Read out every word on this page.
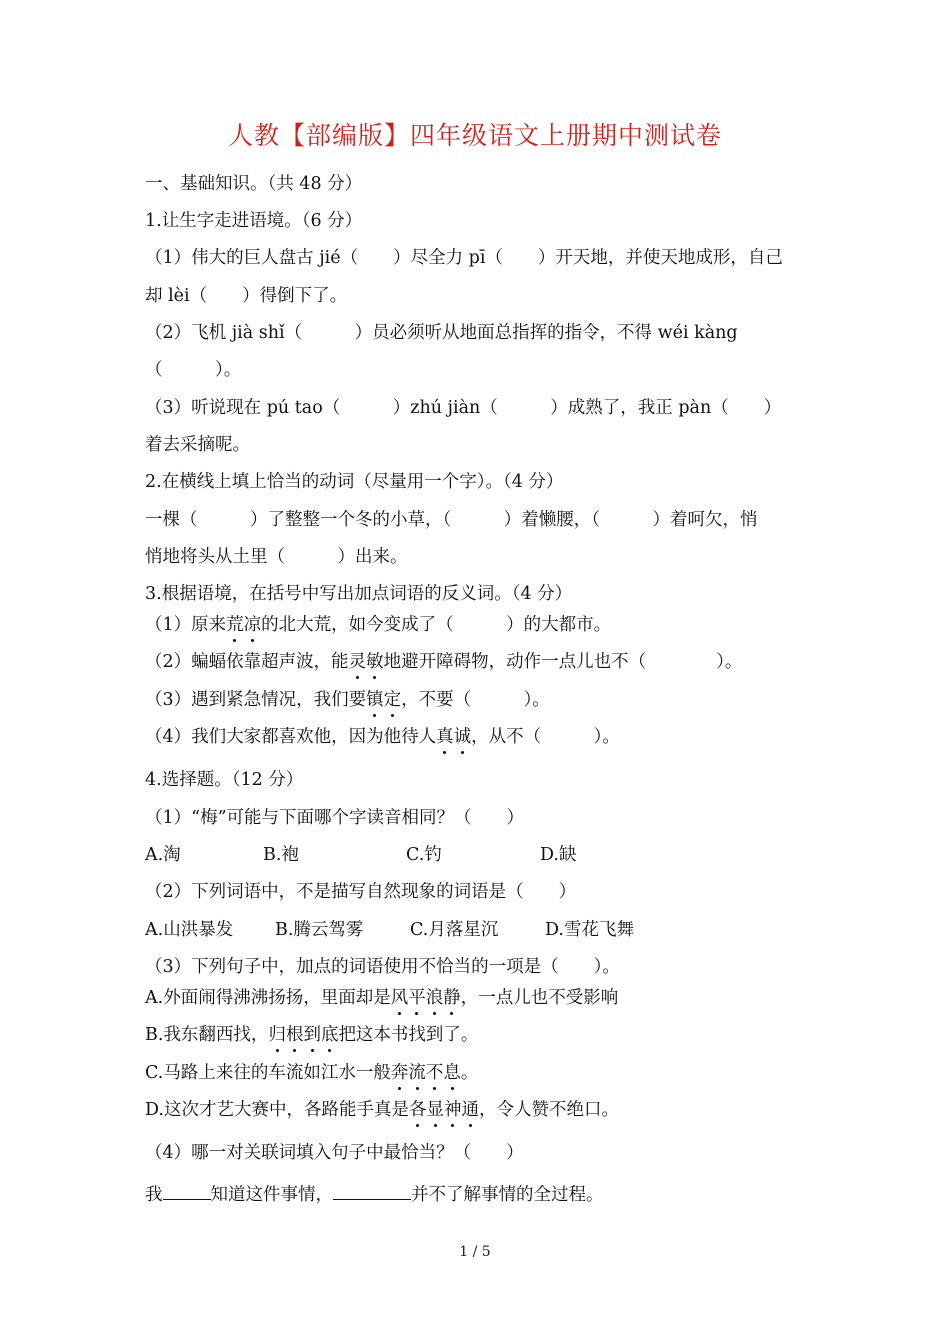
人教【部编版】四年级语文上册期中测试卷
一、基础知识。（共 48 分）
1.让生字走进语境。（6 分）
（1）伟大的巨人盘古 jié（　　）尽全力 pī（　　）开天地，并使天地成形，自己
却 lèi（　　）得倒下了。
（2）飞机 jià shǐ（　　　）员必须听从地面总指挥的指令，不得 wéi kàng
（　　　）。
（3）听说现在 pú tao（　　　）zhú jiàn（　　　）成熟了，我正 pàn（　　）
着去采摘呢。
2.在横线上填上恰当的动词（尽量用一个字）。（4 分）
一棵（　　　）了整整一个冬的小草，（　　　）着懒腰，（　　　）着呵欠，悄
悄地将头从土里（　　　）出来。
3.根据语境，在括号中写出加点词语的反义词。（4 分）
（1）原来荒凉的北大荒，如今变成了（　　　）的大都市。
（2）蝙蝠依靠超声波，能灵敏地避开障碍物，动作一点儿也不（　　　　）。
（3）遇到紧急情况，我们要镇定，不要（　　　）。
（4）我们大家都喜欢他，因为他待人真诚，从不（　　　）。
4.选择题。（12 分）
（1）“梅”可能与下面哪个字读音相同？（　　）
A.淘	B.袍	C.钓	D.缺
（2）下列词语中，不是描写自然现象的词语是（　　）
A.山洪暴发 B.腾云驾雾	C.月落星沉	D.雪花飞舞
（3）下列句子中，加点的词语使用不恰当的一项是（　　）。
A.外面闹得沸沸扬扬，里面却是风平浪静，一点儿也不受影响
B.我东翻西找，归根到底把这本书找到了。
C.马路上来往的车流如江水一般奔流不息。
D.这次才艺大赛中，各路能手真是各显神通，令人赞不绝口。
（4）哪一对关联词填入句子中最恰当？（　　）
我	知道这件事情，	并不了解事情的全过程。
1 / 5
